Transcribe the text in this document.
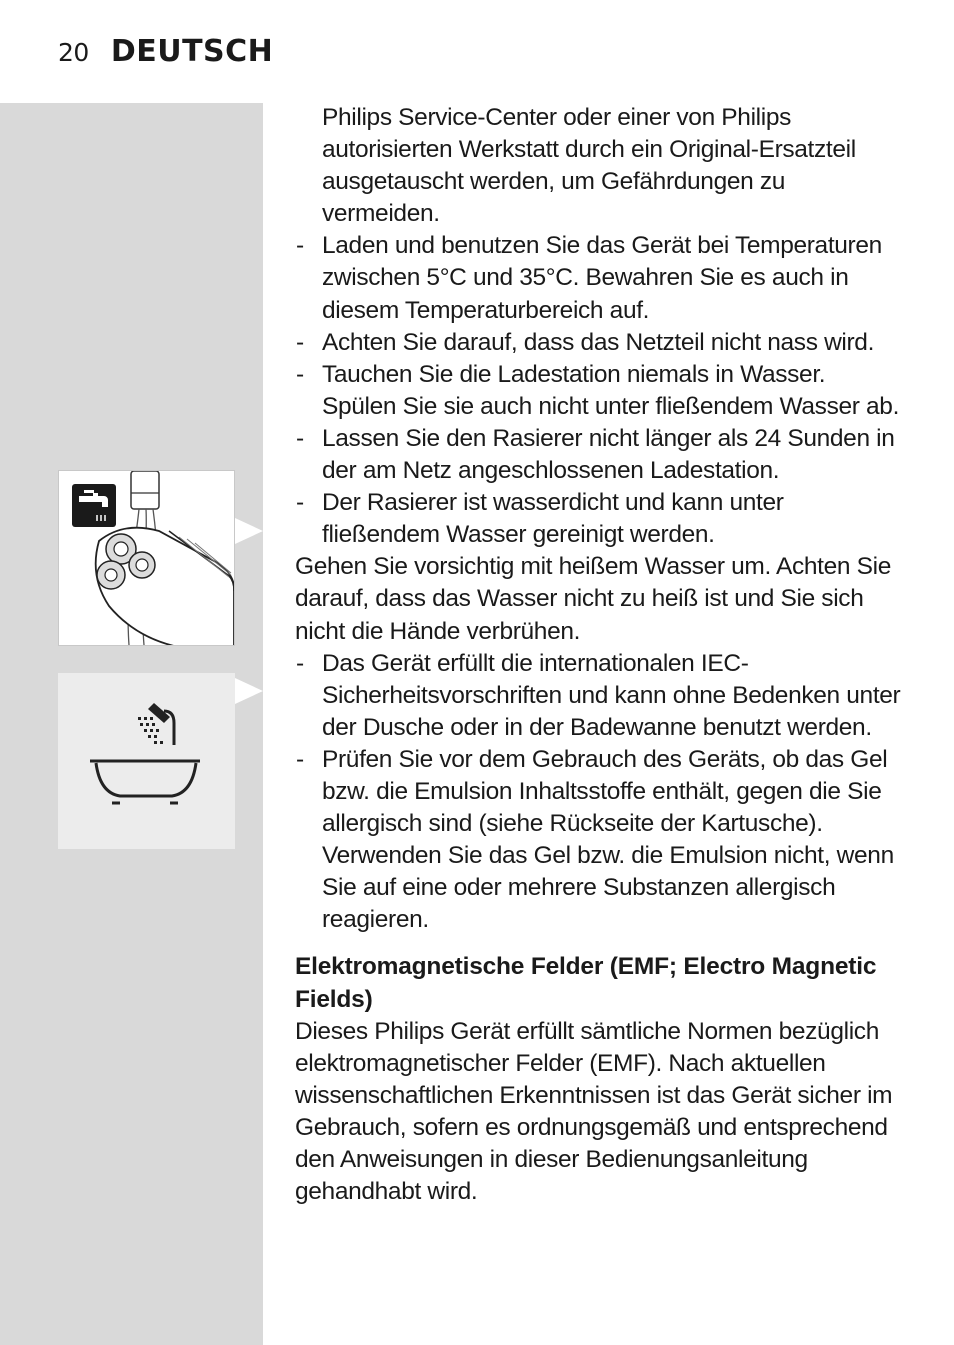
20 DEUTSCH
Philips Service-Center oder einer von Philips autorisierten Werkstatt durch ein Original-Ersatzteil ausgetauscht werden, um Gefährdungen zu vermeiden.
- Laden und benutzen Sie das Gerät bei Temperaturen zwischen 5°C und 35°C. Bewahren Sie es auch in diesem Temperaturbereich auf.
- Achten Sie darauf, dass das Netzteil nicht nass wird.
- Tauchen Sie die Ladestation niemals in Wasser. Spülen Sie sie auch nicht unter fließendem Wasser ab.
- Lassen Sie den Rasierer nicht länger als 24 Sunden in der am Netz angeschlossenen Ladestation.
- Der Rasierer ist wasserdicht und kann unter fließendem Wasser gereinigt werden.

Gehen Sie vorsichtig mit heißem Wasser um. Achten Sie darauf, dass das Wasser nicht zu heiß ist und Sie sich nicht die Hände verbrühen.

- Das Gerät erfüllt die internationalen IEC-Sicherheitsvorschriften und kann ohne Bedenken unter der Dusche oder in der Badewanne benutzt werden.
- Prüfen Sie vor dem Gebrauch des Geräts, ob das Gel bzw. die Emulsion Inhaltsstoffe enthält, gegen die Sie allergisch sind (siehe Rückseite der Kartusche). Verwenden Sie das Gel bzw. die Emulsion nicht, wenn Sie auf eine oder mehrere Substanzen allergisch reagieren.
Elektromagnetische Felder (EMF; Electro Magnetic Fields)

Dieses Philips Gerät erfüllt sämtliche Normen bezüglich elektromagnetischer Felder (EMF). Nach aktuellen wissenschaftlichen Erkenntnissen ist das Gerät sicher im Gebrauch, sofern es ordnungsgemäß und entsprechend den Anweisungen in dieser Bedienungsanleitung gehandhabt wird.
